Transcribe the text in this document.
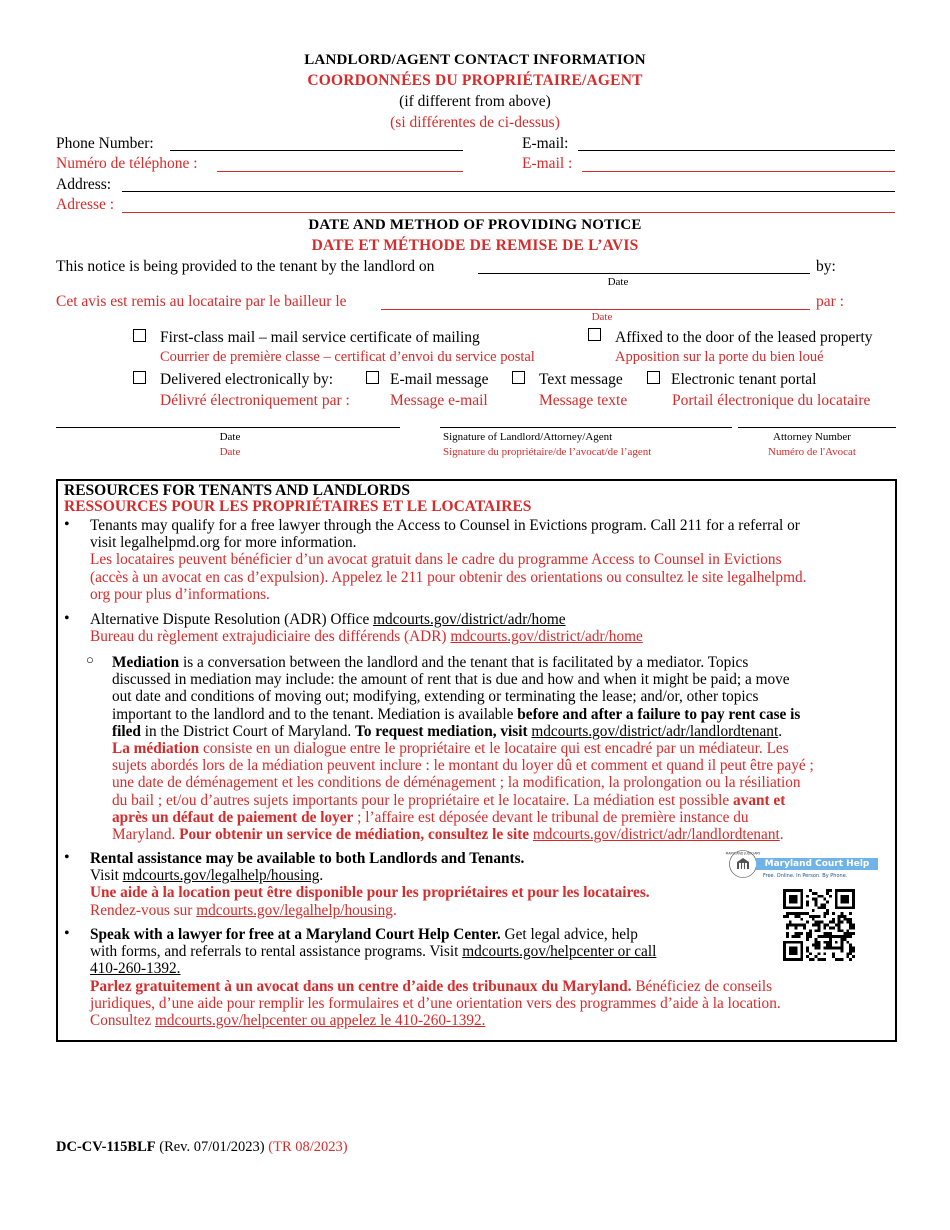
LANDLORD/AGENT CONTACT INFORMATION
COORDONNÉES DU PROPRIÉTAIRE/AGENT
(if different from above)
(si différentes de ci-dessus)
Phone Number:
Numéro de téléphone :
E-mail:
E-mail :
Address:
Adresse :
DATE AND METHOD OF PROVIDING NOTICE
DATE ET MÉTHODE DE REMISE DE L’AVIS
This notice is being provided to the tenant by the landlord on	by:
Date
Cet avis est remis au locataire par le bailleur le	par :
Date
First-class mail – mail service certificate of mailing
Courrier de première classe – certificat d’envoi du service postal
Affixed to the door of the leased property
Apposition sur la porte du bien loué
Delivered electronically by:
Délivré électroniquement par :
E-mail message
Message e-mail
Text message
Message texte
Electronic tenant portal
Portail électronique du locataire
Date
Date
Signature of Landlord/Attorney/Agent
Signature du propriétaire/de l’avocat/de l’agent
Attorney Number
Numéro de l'Avocat
RESOURCES FOR TENANTS AND LANDLORDS
RESSOURCES POUR LES PROPRIÉTAIRES ET LE LOCATAIRES
• Tenants may qualify for a free lawyer through the Access to Counsel in Evictions program. Call 211 for a referral or
visit legalhelpmd.org for more information.
Les locataires peuvent bénéficier d’un avocat gratuit dans le cadre du programme Access to Counsel in Evictions
(accès à un avocat en cas d’expulsion). Appelez le 211 pour obtenir des orientations ou consultez le site legalhelpmd.
org pour plus d’informations.
• Alternative Dispute Resolution (ADR) Office mdcourts.gov/district/adr/home
Bureau du règlement extrajudiciaire des différends (ADR) mdcourts.gov/district/adr/home
○ Mediation is a conversation between the landlord and the tenant that is facilitated by a mediator. Topics
discussed in mediation may include: the amount of rent that is due and how and when it might be paid; a move
out date and conditions of moving out; modifying, extending or terminating the lease; and/or, other topics
important to the landlord and to the tenant. Mediation is available before and after a failure to pay rent case is
filed in the District Court of Maryland. To request mediation, visit mdcourts.gov/district/adr/landlordtenant.
La médiation consiste en un dialogue entre le propriétaire et le locataire qui est encadré par un médiateur. Les
sujets abordés lors de la médiation peuvent inclure : le montant du loyer dû et comment et quand il peut être payé ;
une date de déménagement et les conditions de déménagement ; la modification, la prolongation ou la résiliation
du bail ; et/ou d’autres sujets importants pour le propriétaire et le locataire. La médiation est possible avant et
après un défaut de paiement de loyer ; l’affaire est déposée devant le tribunal de première instance du
Maryland. Pour obtenir un service de médiation, consultez le site mdcourts.gov/district/adr/landlordtenant.
• Rental assistance may be available to both Landlords and Tenants.
Visit mdcourts.gov/legalhelp/housing.
Une aide à la location peut être disponible pour les propriétaires et pour les locataires.
Rendez-vous sur mdcourts.gov/legalhelp/housing.
• Speak with a lawyer for free at a Maryland Court Help Center. Get legal advice, help
with forms, and referrals to rental assistance programs. Visit mdcourts.gov/helpcenter or call
410-260-1392.
Parlez gratuitement à un avocat dans un centre d’aide des tribunaux du Maryland. Bénéficiez de conseils
juridiques, d’une aide pour remplir les formulaires et d’une orientation vers des programmes d’aide à la location.
Consultez mdcourts.gov/helpcenter ou appelez le 410-260-1392.
MARYLAND JUDICIARY
Maryland Court Help
Free. Online. In Person. By Phone.
DC-CV-115BLF (Rev. 07/01/2023) (TR 08/2023)
